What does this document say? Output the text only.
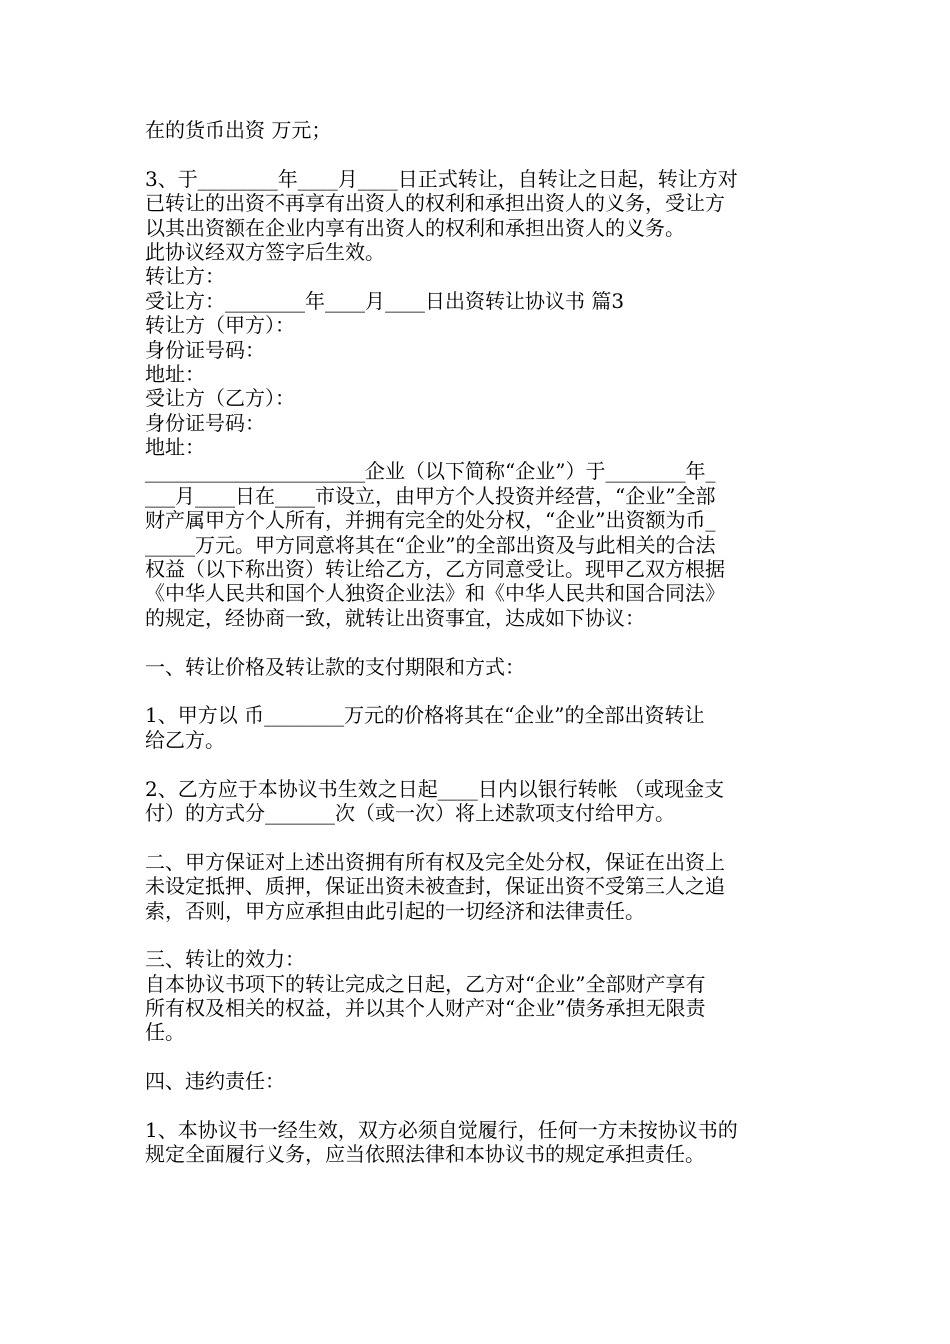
在的货币出资 万元；
3、于________年____月____日正式转让，自转让之日起，转让方对
已转让的出资不再享有出资人的权利和承担出资人的义务，受让方
以其出资额在企业内享有出资人的权利和承担出资人的义务。
此协议经双方签字后生效。
转让方：
受让方：________年____月____日出资转让协议书 篇3
转让方（甲方）：
身份证号码：
地址：
受让方（乙方）：
身份证号码：
地址：
______________________企业（以下简称“企业”）于________年_
___月____日在____市设立，由甲方个人投资并经营，“企业”全部
财产属甲方个人所有，并拥有完全的处分权，“企业”出资额为币_
_____万元。甲方同意将其在“企业”的全部出资及与此相关的合法
权益（以下称出资）转让给乙方，乙方同意受让。现甲乙双方根据
《中华人民共和国个人独资企业法》和《中华人民共和国合同法》
的规定，经协商一致，就转让出资事宜，达成如下协议：
一、转让价格及转让款的支付期限和方式：
1、甲方以 币________万元的价格将其在“企业”的全部出资转让
给乙方。
2、乙方应于本协议书生效之日起____日内以银行转帐 （或现金支
付）的方式分_______次（或一次）将上述款项支付给甲方。
二、甲方保证对上述出资拥有所有权及完全处分权，保证在出资上
未设定抵押、质押，保证出资未被查封，保证出资不受第三人之追
索，否则，甲方应承担由此引起的一切经济和法律责任。
三、转让的效力：
自本协议书项下的转让完成之日起，乙方对“企业”全部财产享有
所有权及相关的权益，并以其个人财产对“企业”债务承担无限责
任。
四、违约责任：
1、本协议书一经生效，双方必须自觉履行，任何一方未按协议书的
规定全面履行义务，应当依照法律和本协议书的规定承担责任。
